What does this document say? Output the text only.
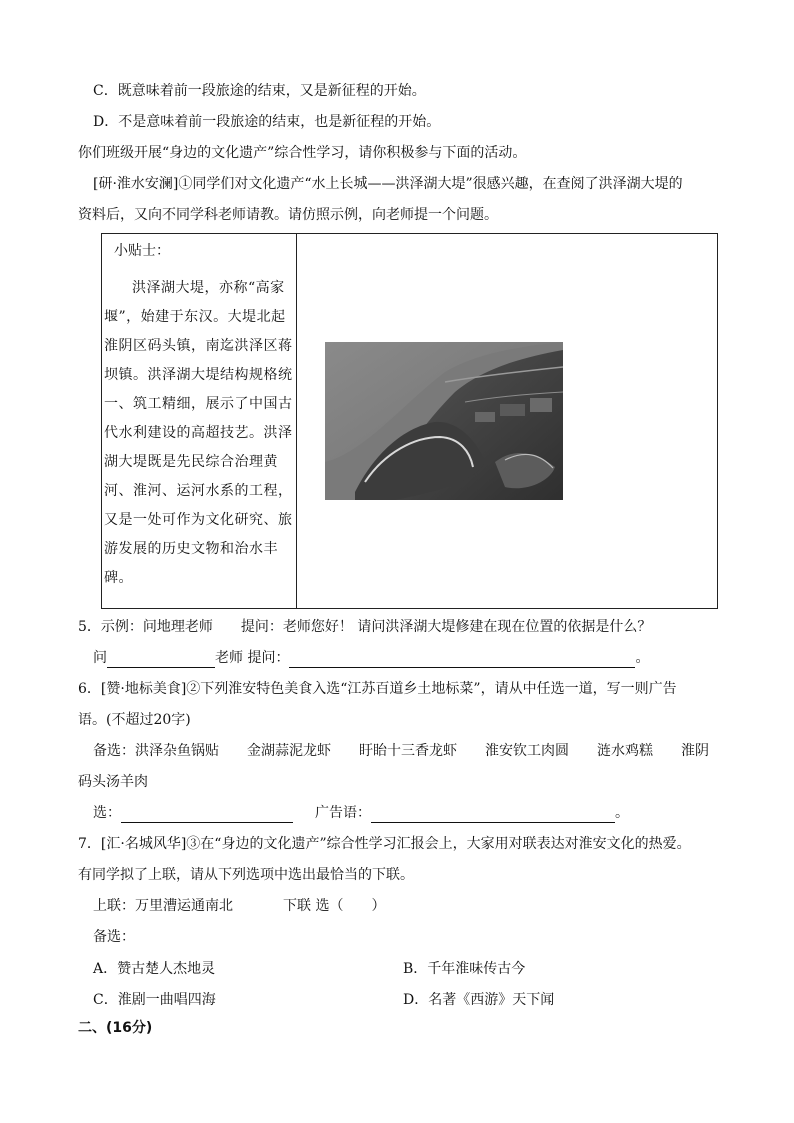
C．既意味着前一段旅途的结束，又是新征程的开始。
D．不是意味着前一段旅途的结束，也是新征程的开始。
你们班级开展“身边的文化遗产”综合性学习，请你积极参与下面的活动。
[研·淮水安澜]①同学们对文化遗产“水上长城——洪泽湖大堤”很感兴趣，在查阅了洪泽湖大堤的
资料后，又向不同学科老师请教。请仿照示例，向老师提一个问题。
小贴士：
洪泽湖大堤，亦称“高家
堰”，始建于东汉。大堤北起
淮阴区码头镇，南迄洪泽区蒋
坝镇。洪泽湖大堤结构规格统
一、筑工精细，展示了中国古
代水利建设的高超技艺。洪泽
湖大堤既是先民综合治理黄
河、淮河、运河水系的工程，
又是一处可作为文化研究、旅
游发展的历史文物和治水丰
碑。
5．示例：问地理老师　　提问：老师您好！ 请问洪泽湖大堤修建在现在位置的依据是什么？
问	老师 提问：	。
6．[赞·地标美食]②下列淮安特色美食入选“江苏百道乡土地标菜”，请从中任选一道，写一则广告
语。(不超过20字)
备选：洪泽杂鱼锅贴　　金湖蒜泥龙虾　　盱眙十三香龙虾　　淮安钦工肉圆　　涟水鸡糕　　淮阴
码头汤羊肉
选：	广告语：	。
7．[汇·名城风华]③在“身边的文化遗产”综合性学习汇报会上，大家用对联表达对淮安文化的热爱。
有同学拟了上联，请从下列选项中选出最恰当的下联。
上联：万里漕运通南北	下联 选（　　）
备选：
A．赞古楚人杰地灵	B．千年淮味传古今
C．淮剧一曲唱四海	D．名著《西游》天下闻
二、(16分)
